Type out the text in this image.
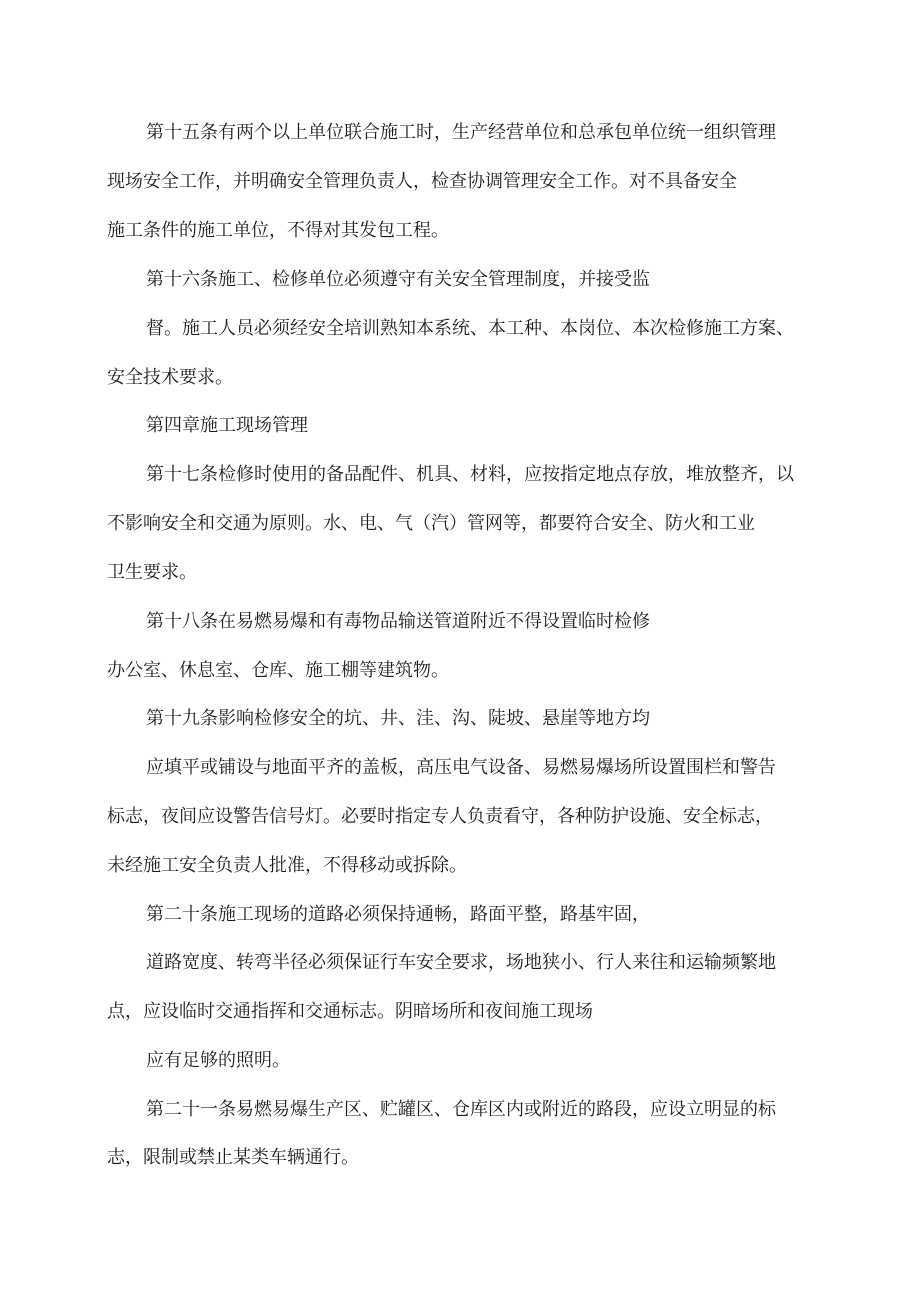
第十五条有两个以上单位联合施工时，生产经营单位和总承包单位统一组织管理
现场安全工作，并明确安全管理负责人，检查协调管理安全工作。对不具备安全
施工条件的施工单位，不得对其发包工程。
第十六条施工、检修单位必须遵守有关安全管理制度，并接受监
督。施工人员必须经安全培训熟知本系统、本工种、本岗位、本次检修施工方案、
安全技术要求。
第四章施工现场管理
第十七条检修时使用的备品配件、机具、材料，应按指定地点存放，堆放整齐，以
不影响安全和交通为原则。水、电、气（汽）管网等，都要符合安全、防火和工业
卫生要求。
第十八条在易燃易爆和有毒物品输送管道附近不得设置临时检修
办公室、休息室、仓库、施工棚等建筑物。
第十九条影响检修安全的坑、井、洼、沟、陡坡、悬崖等地方均
应填平或铺设与地面平齐的盖板，高压电气设备、易燃易爆场所设置围栏和警告
标志，夜间应设警告信号灯。必要时指定专人负责看守，各种防护设施、安全标志，
未经施工安全负责人批准，不得移动或拆除。
第二十条施工现场的道路必须保持通畅，路面平整，路基牢固，
道路宽度、转弯半径必须保证行车安全要求，场地狭小、行人来往和运输频繁地
点，应设临时交通指挥和交通标志。阴暗场所和夜间施工现场
应有足够的照明。
第二十一条易燃易爆生产区、贮罐区、仓库区内或附近的路段，应设立明显的标
志，限制或禁止某类车辆通行。
